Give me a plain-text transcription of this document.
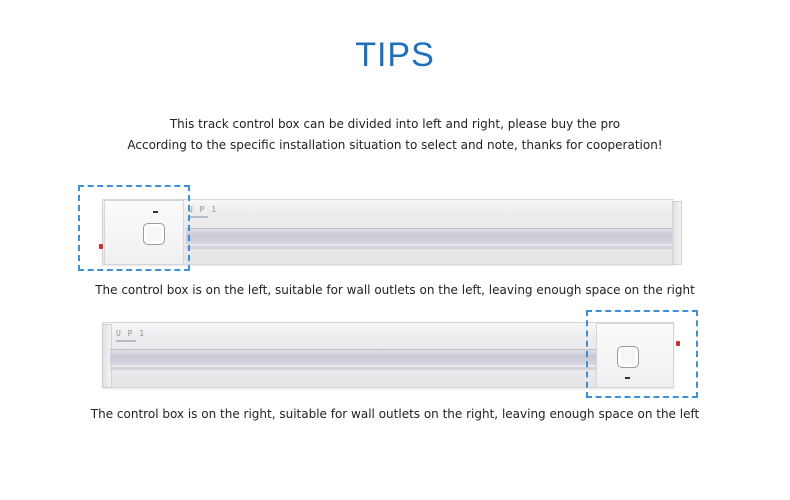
TIPS
This track control box can be divided into left and right, please buy the pro
According to the specific installation situation to select and note, thanks for cooperation!
U P 1
The control box is on the left, suitable for wall outlets on the left, leaving enough space on the right
U P 1
The control box is on the right, suitable for wall outlets on the right, leaving enough space on the left
